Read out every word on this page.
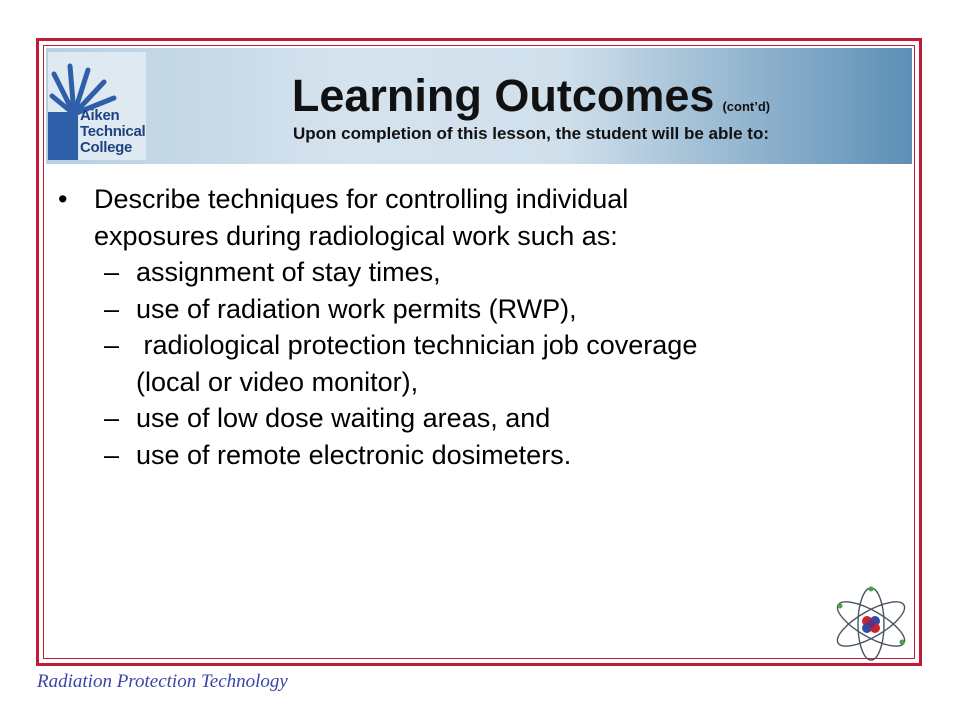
Aiken
Technical
College
Learning Outcomes (cont’d)
Upon completion of this lesson, the student will be able to:
• Describe techniques for controlling individual
exposures during radiological work such as:
– assignment of stay times,
– use of radiation work permits (RWP),
– radiological protection technician job coverage
(local or video monitor),
– use of low dose waiting areas, and
– use of remote electronic dosimeters.
Radiation Protection Technology
